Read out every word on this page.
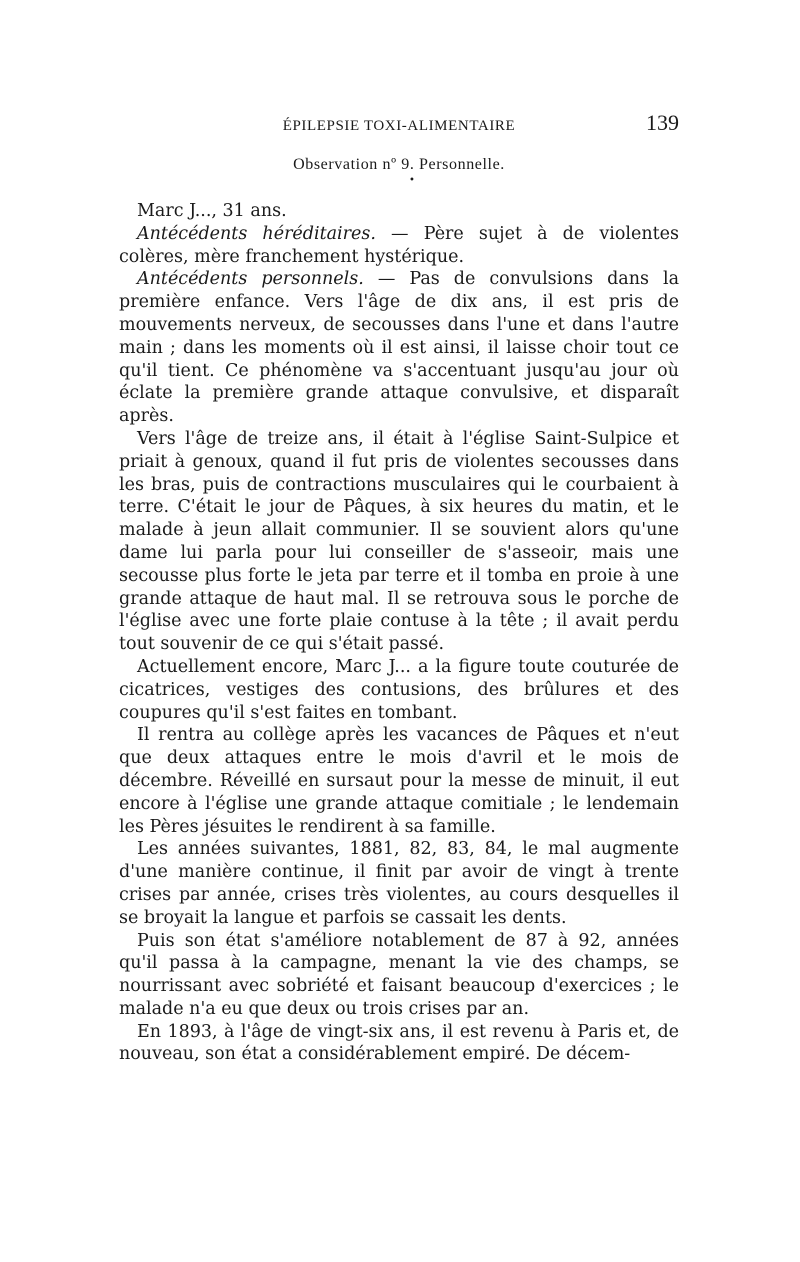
ÉPILEPSIE TOXI-ALIMENTAIRE	139
Observation nº 9. Personnelle.
•

Marc J..., 31 ans.

Antécédents héréditaires. — Père sujet à de violentes colères, mère franchement hystérique.

Antécédents personnels. — Pas de convulsions dans la première enfance. Vers l'âge de dix ans, il est pris de mouvements nerveux, de secousses dans l'une et dans l'autre main ; dans les moments où il est ainsi, il laisse choir tout ce qu'il tient. Ce phénomène va s'accentuant jusqu'au jour où éclate la première grande attaque convulsive, et disparaît après.

Vers l'âge de treize ans, il était à l'église Saint-Sulpice et priait à genoux, quand il fut pris de violentes secousses dans les bras, puis de contractions musculaires qui le courbaient à terre. C'était le jour de Pâques, à six heures du matin, et le malade à jeun allait communier. Il se souvient alors qu'une dame lui parla pour lui conseiller de s'asseoir, mais une secousse plus forte le jeta par terre et il tomba en proie à une grande attaque de haut mal. Il se retrouva sous le porche de l'église avec une forte plaie contuse à la tête ; il avait perdu tout souvenir de ce qui s'était passé.

Actuellement encore, Marc J... a la figure toute couturée de cicatrices, vestiges des contusions, des brûlures et des coupures qu'il s'est faites en tombant.

Il rentra au collège après les vacances de Pâques et n'eut que deux attaques entre le mois d'avril et le mois de décembre. Réveillé en sursaut pour la messe de minuit, il eut encore à l'église une grande attaque comitiale ; le lendemain les Pères jésuites le rendirent à sa famille.

Les années suivantes, 1881, 82, 83, 84, le mal augmente d'une manière continue, il finit par avoir de vingt à trente crises par année, crises très violentes, au cours desquelles il se broyait la langue et parfois se cassait les dents.

Puis son état s'améliore notablement de 87 à 92, années qu'il passa à la campagne, menant la vie des champs, se nourrissant avec sobriété et faisant beaucoup d'exercices ; le malade n'a eu que deux ou trois crises par an.

En 1893, à l'âge de vingt-six ans, il est revenu à Paris et, de nouveau, son état a considérablement empiré. De décem-
